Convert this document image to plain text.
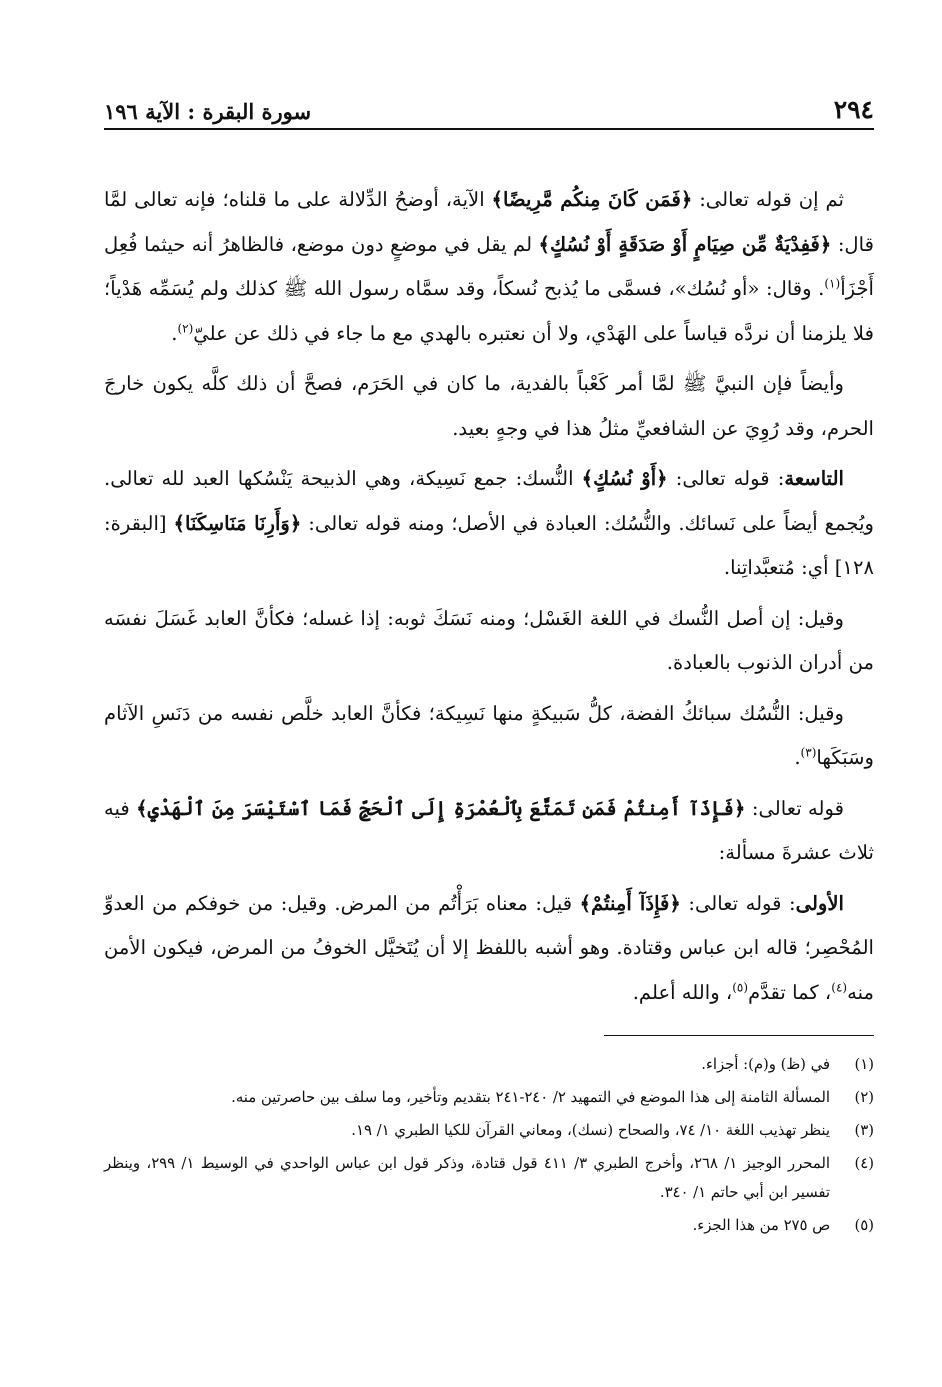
٢٩٤
سورة البقرة : الآية ١٩٦

ثم إن قوله تعالى: ﴿فَمَن كَانَ مِنكُم مَّرِيضًا﴾ الآية، أوضحُ الدِّلالة على ما قلناه؛ فإنه تعالى لمَّا قال: ﴿فَفِدْيَةٌ مِّن صِيَامٍ أَوْ صَدَقَةٍ أَوْ نُسُكٍ﴾ لم يقل في موضعٍ دون موضع، فالظاهرُ أنه حيثما فُعِل أَجْزَأ$^{(١)}$. وقال: «أو نُسُك»، فسمَّى ما يُذبح نُسكاً، وقد سمَّاه رسول الله ﷺ كذلك ولم يُسَمِّه هَدْياً؛ فلا يلزمنا أن نردَّه قياساً على الهَدْي، ولا أن نعتبره بالهدي مع ما جاء في ذلك عن عليّ$^{(٢)}$.

وأيضاً فإن النبيَّ ﷺ لمَّا أمر كَعْباً بالفدية، ما كان في الحَرَم، فصحَّ أن ذلك كلَّه يكون خارجَ الحرم، وقد رُوِيَ عن الشافعيِّ مثلُ هذا في وجهٍ بعيد.

التاسعة: قوله تعالى: ﴿أَوْ نُسُكٍ﴾ النُّسك: جمع نَسِيكة، وهي الذبيحة يَنْسُكها العبد لله تعالى. ويُجمع أيضاً على نَسائك. والنُّسُك: العبادة في الأصل؛ ومنه قوله تعالى: ﴿وَأَرِنَا مَنَاسِكَنَا﴾ [البقرة: ١٢٨] أي: مُتعبَّداتِنا.

وقيل: إن أصل النُّسك في اللغة الغَسْل؛ ومنه نَسَكَ ثوبه: إذا غسله؛ فكأنَّ العابد غَسَلَ نفسَه من أدران الذنوب بالعبادة.

وقيل: النُّسُك سبائكُ الفضة، كلُّ سَبيكةٍ منها نَسِيكة؛ فكأنَّ العابد خلَّص نفسه من دَنَسِ الآثام وسَبَكَها$^{(٣)}$.

قوله تعالى: ﴿فَإِذَآ أَمِنتُمْ فَمَن تَمَتَّعَ بِٱلْعُمْرَةِ إِلَى ٱلْحَجِّ فَمَا ٱسْتَيْسَرَ مِنَ ٱلْهَدْيِ﴾ فيه ثلاث عشرةَ مسألة:

الأولى: قوله تعالى: ﴿فَإِذَآ أَمِنتُمْ﴾ قيل: معناه بَرَأْتُم من المرض. وقيل: من خوفكم من العدوِّ المُحْصِر؛ قاله ابن عباس وقتادة. وهو أشبه باللفظ إلا أن يُتَخيَّل الخوفُ من المرض، فيكون الأمن منه$^{(٤)}$، كما تقدَّم$^{(٥)}$، والله أعلم.

(١)
في (ظ) و(م): أجزاء.
(٢)
المسألة الثامنة إلى هذا الموضع في التمهيد ٢/ ٢٤٠-٢٤١ بتقديم وتأخير، وما سلف بين حاصرتين منه.
(٣)
ينظر تهذيب اللغة ١٠/ ٧٤، والصحاح (نسك)، ومعاني القرآن للكيا الطبري ١/ ١٩.
(٤)
المحرر الوجيز ١/ ٢٦٨، وأخرج الطبري ٣/ ٤١١ قول قتادة، وذكر قول ابن عباس الواحدي في الوسيط ١/ ٢٩٩، وينظر تفسير ابن أبي حاتم ١/ ٣٤٠.
(٥)
ص ٢٧٥ من هذا الجزء.
